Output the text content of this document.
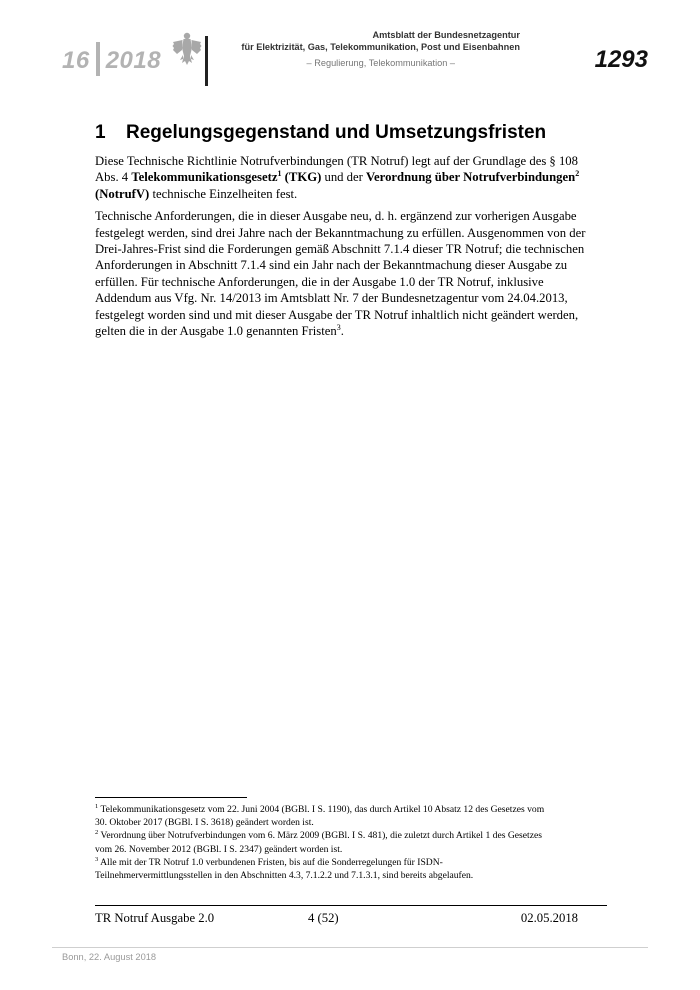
16 2018
Amtsblatt der Bundesnetzagentur
für Elektrizität, Gas, Telekommunikation, Post und Eisenbahnen
– Regulierung, Telekommunikation –	1293
1 Regelungsgegenstand und Umsetzungsfristen

Diese Technische Richtlinie Notrufverbindungen (TR Notruf) legt auf der Grundlage des § 108
Abs. 4 Telekommunikationsgesetz$^1$ (TKG) und der Verordnung über Notrufverbindungen$^2$
(NotrufV) technische Einzelheiten fest.

Technische Anforderungen, die in dieser Ausgabe neu, d. h. ergänzend zur vorherigen Ausgabe
festgelegt werden, sind drei Jahre nach der Bekanntmachung zu erfüllen. Ausgenommen von der
Drei-Jahres-Frist sind die Forderungen gemäß Abschnitt 7.1.4 dieser TR Notruf; die technischen
Anforderungen in Abschnitt 7.1.4 sind ein Jahr nach der Bekanntmachung dieser Ausgabe zu
erfüllen. Für technische Anforderungen, die in der Ausgabe 1.0 der TR Notruf, inklusive
Addendum aus Vfg. Nr. 14/2013 im Amtsblatt Nr. 7 der Bundesnetzagentur vom 24.04.2013,
festgelegt worden sind und mit dieser Ausgabe der TR Notruf inhaltlich nicht geändert werden,
gelten die in der Ausgabe 1.0 genannten Fristen$^3$.

$^1$ Telekommunikationsgesetz vom 22. Juni 2004 (BGBl. I S. 1190), das durch Artikel 10 Absatz 12 des Gesetzes vom
30. Oktober 2017 (BGBl. I S. 3618) geändert worden ist.
$^2$ Verordnung über Notrufverbindungen vom 6. März 2009 (BGBl. I S. 481), die zuletzt durch Artikel 1 des Gesetzes
vom 26. November 2012 (BGBl. I S. 2347) geändert worden ist.
$^3$ Alle mit der TR Notruf 1.0 verbundenen Fristen, bis auf die Sonderregelungen für ISDN-
Teilnehmervermittlungsstellen in den Abschnitten 4.3, 7.1.2.2 und 7.1.3.1, sind bereits abgelaufen.
TR Notruf Ausgabe 2.0	4 (52)	02.05.2018
Bonn, 22. August 2018
